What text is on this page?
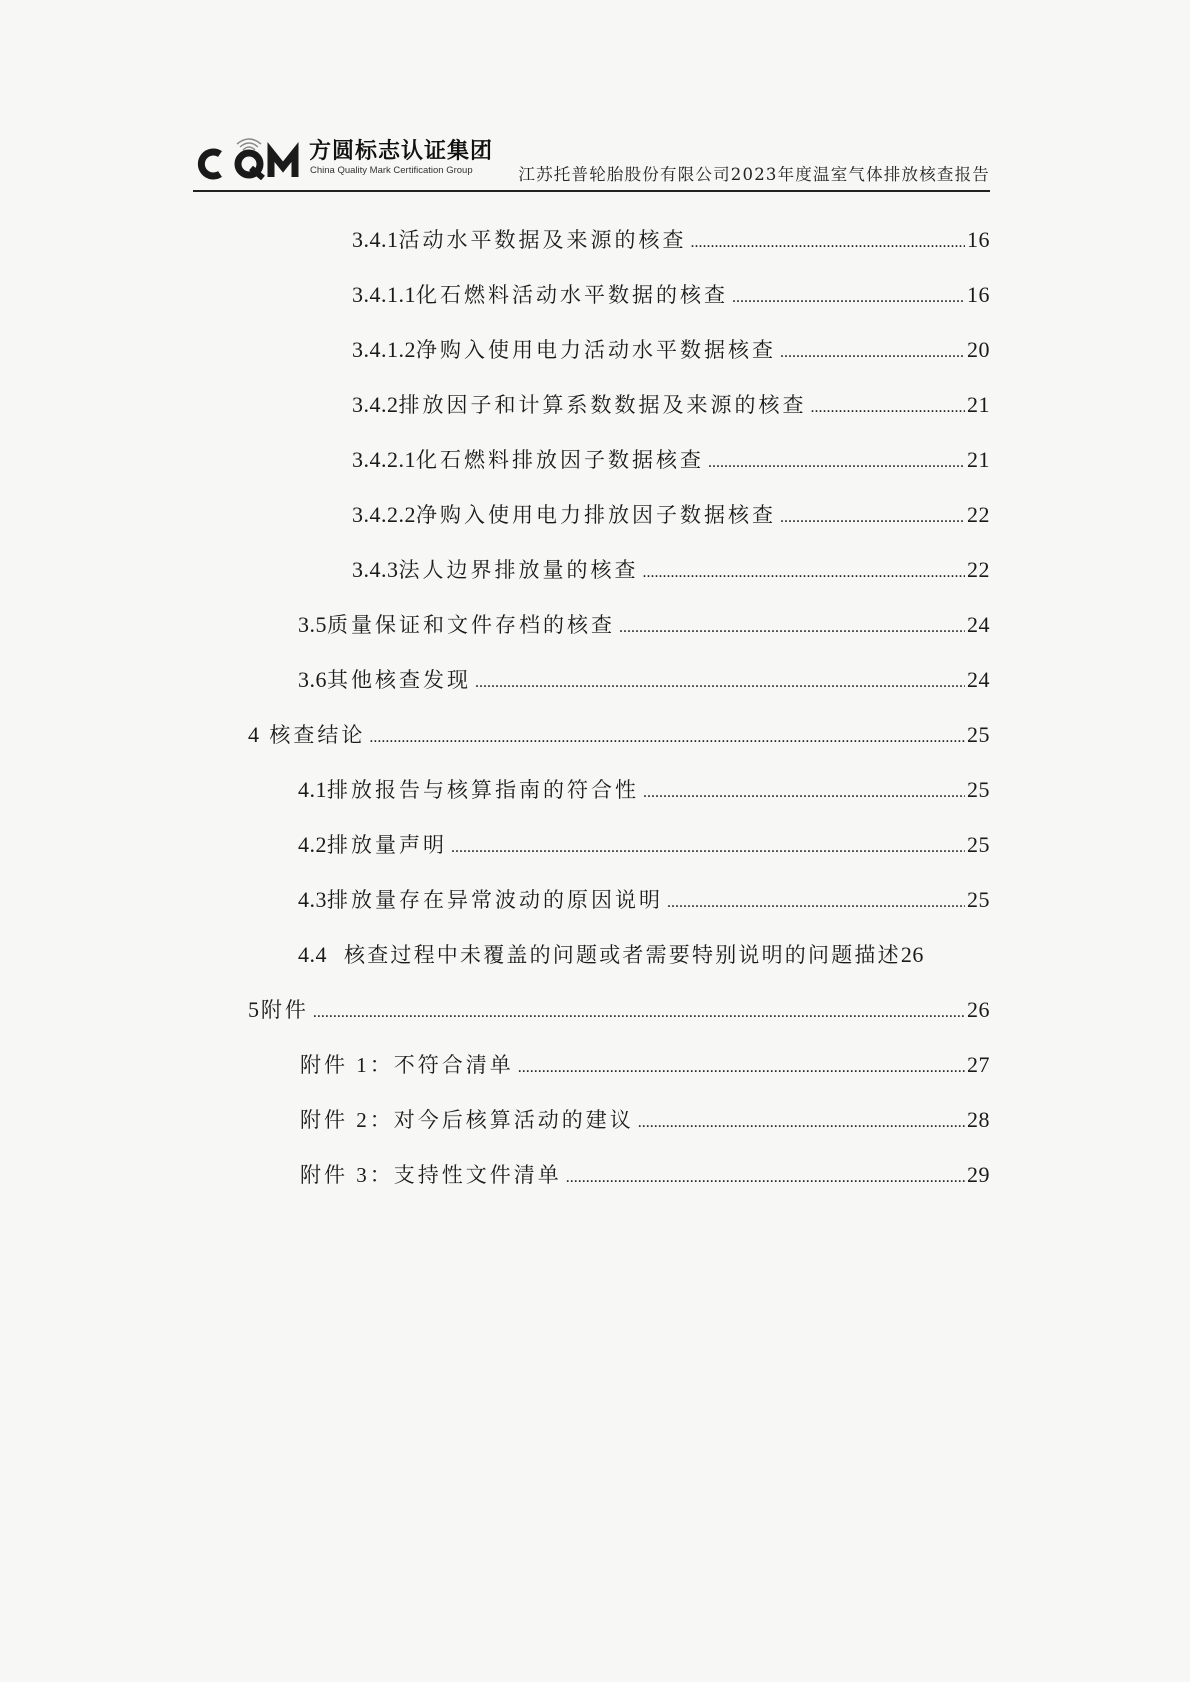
方圆标志认证集团
China Quality Mark Certification Group	江苏托普轮胎股份有限公司2023年度温室气体排放核查报告
3.4.1 活动水平数据及来源的核查 .....	16
3.4.1.1 化石燃料活动水平数据的核查 .....	16
3.4.1.2 净购入使用电力活动水平数据核查 .....	20
3.4.2 排放因子和计算系数数据及来源的核查 .....	21
3.4.2.1 化石燃料排放因子数据核查 .....	21
3.4.2.2 净购入使用电力排放因子数据核查 .....	22
3.4.3 法人边界排放量的核查 .....	22
3.5 质量保证和文件存档的核查 .....	24
3.6 其他核查发现 .....	24
4 核查结论 .....	25
4.1 排放报告与核算指南的符合性 .....	25
4.2 排放量声明 .....	25
4.3 排放量存在异常波动的原因说明 .....	25
4.4 核查过程中未覆盖的问题或者需要特别说明的问题描述 26
5 附件 .....	26
附件 1： 不符合清单 .....	27
附件 2： 对今后核算活动的建议 .....	28
附件 3： 支持性文件清单 .....	29
